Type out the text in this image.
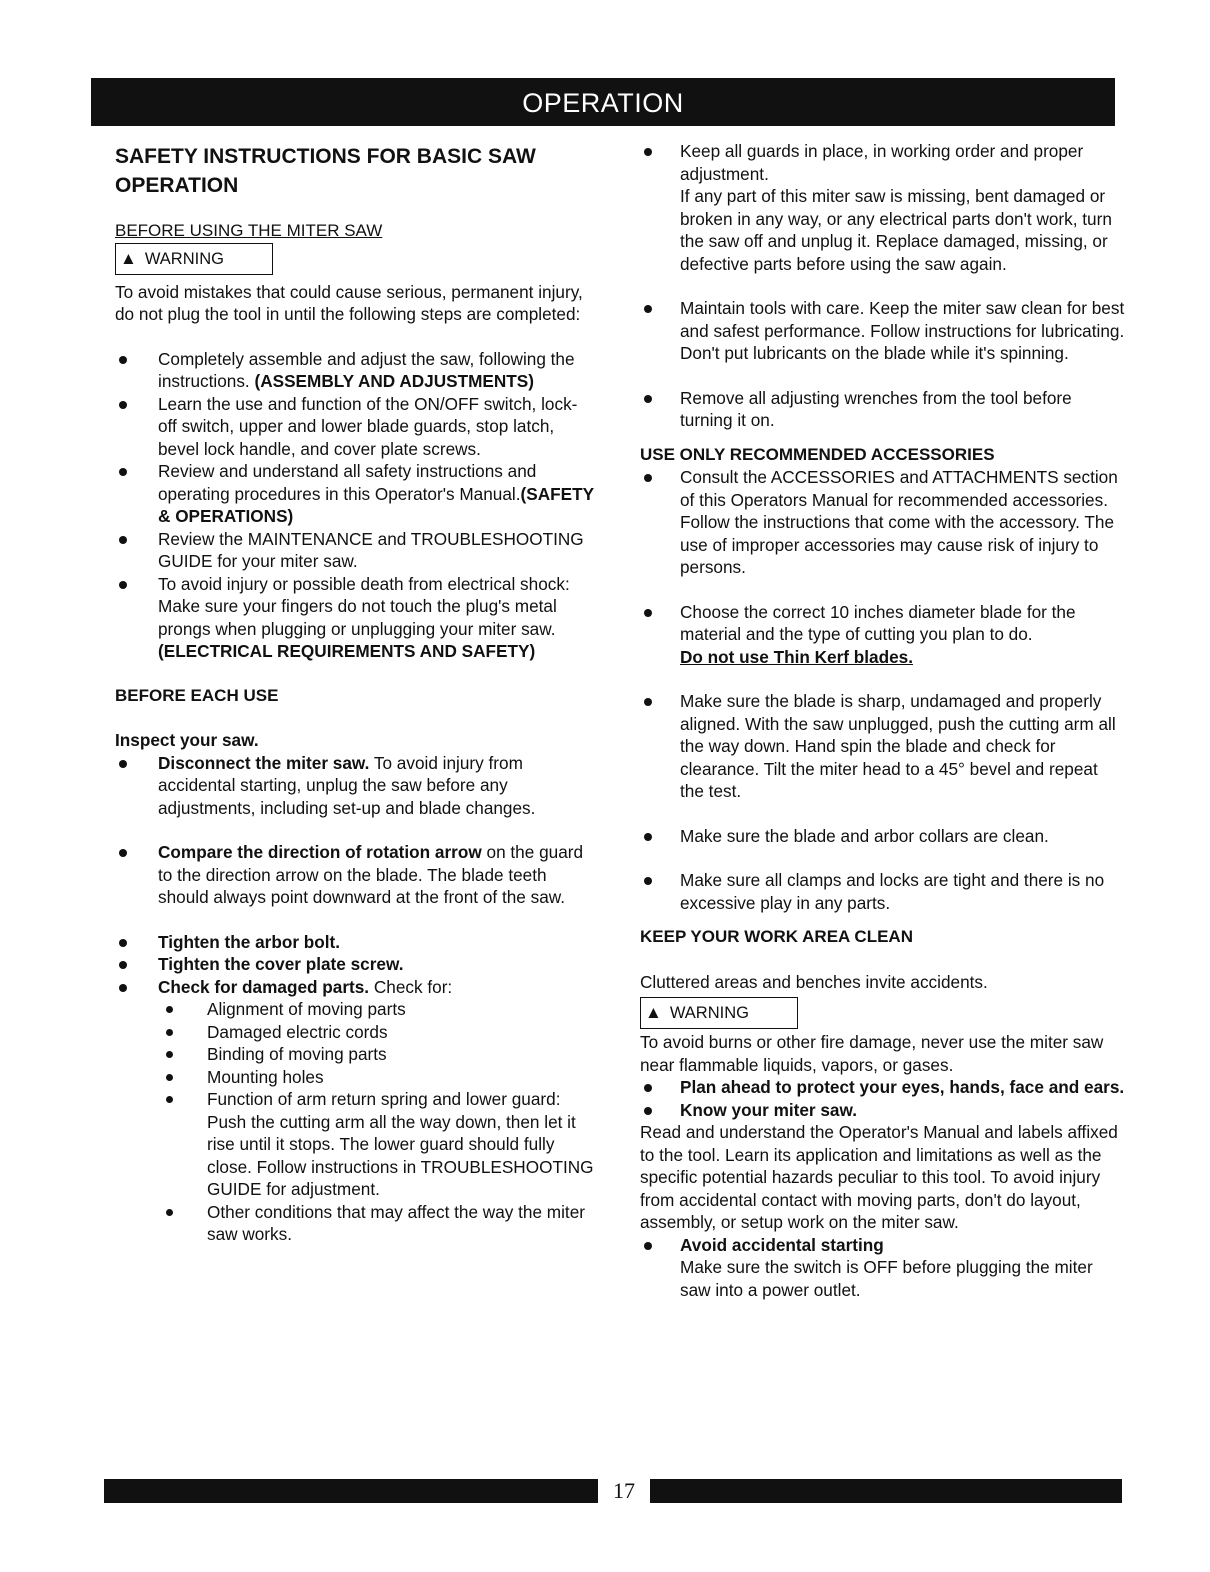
OPERATION
SAFETY INSTRUCTIONS FOR BASIC SAW OPERATION
BEFORE USING THE MITER SAW
▲ WARNING

To avoid mistakes that could cause serious, permanent injury, do not plug the tool in until the following steps are completed:

Completely assemble and adjust the saw, following the instructions. (ASSEMBLY AND ADJUSTMENTS)
Learn the use and function of the ON/OFF switch, lock-off switch, upper and lower blade guards, stop latch, bevel lock handle, and cover plate screws.
Review and understand all safety instructions and operating procedures in this Operator's Manual.(SAFETY & OPERATIONS)
Review the MAINTENANCE and TROUBLESHOOTING GUIDE for your miter saw.
To avoid injury or possible death from electrical shock:
Make sure your fingers do not touch the plug's metal prongs when plugging or unplugging your miter saw. (ELECTRICAL REQUIREMENTS AND SAFETY)
BEFORE EACH USE
Inspect your saw.
Disconnect the miter saw. To avoid injury from accidental starting, unplug the saw before any adjustments, including set-up and blade changes.
Compare the direction of rotation arrow on the guard to the direction arrow on the blade. The blade teeth should always point downward at the front of the saw.
Tighten the arbor bolt.
Tighten the cover plate screw.
Check for damaged parts. Check for:
Alignment of moving parts
Damaged electric cords
Binding of moving parts
Mounting holes
Function of arm return spring and lower guard:
Push the cutting arm all the way down, then let it rise until it stops. The lower guard should fully close. Follow instructions in TROUBLESHOOTING GUIDE for adjustment.
Other conditions that may affect the way the miter saw works.
Keep all guards in place, in working order and proper adjustment.
If any part of this miter saw is missing, bent damaged or broken in any way, or any electrical parts don't work, turn the saw off and unplug it. Replace damaged, missing, or defective parts before using the saw again.
Maintain tools with care. Keep the miter saw clean for best and safest performance. Follow instructions for lubricating. Don't put lubricants on the blade while it's spinning.
Remove all adjusting wrenches from the tool before turning it on.
USE ONLY RECOMMENDED ACCESSORIES
Consult the ACCESSORIES and ATTACHMENTS section of this Operators Manual for recommended accessories. Follow the instructions that come with the accessory. The use of improper accessories may cause risk of injury to persons.
Choose the correct 10 inches diameter blade for the material and the type of cutting you plan to do.
Do not use Thin Kerf blades.
Make sure the blade is sharp, undamaged and properly aligned. With the saw unplugged, push the cutting arm all the way down. Hand spin the blade and check for clearance. Tilt the miter head to a 45° bevel and repeat the test.
Make sure the blade and arbor collars are clean.
Make sure all clamps and locks are tight and there is no excessive play in any parts.
KEEP YOUR WORK AREA CLEAN

Cluttered areas and benches invite accidents.

▲ WARNING

To avoid burns or other fire damage, never use the miter saw near flammable liquids, vapors, or gases.

Plan ahead to protect your eyes, hands, face and ears.
Know your miter saw.

Read and understand the Operator's Manual and labels affixed to the tool. Learn its application and limitations as well as the specific potential hazards peculiar to this tool. To avoid injury from accidental contact with moving parts, don't do layout, assembly, or setup work on the miter saw.

Avoid accidental starting
Make sure the switch is OFF before plugging the miter saw into a power outlet.
17
